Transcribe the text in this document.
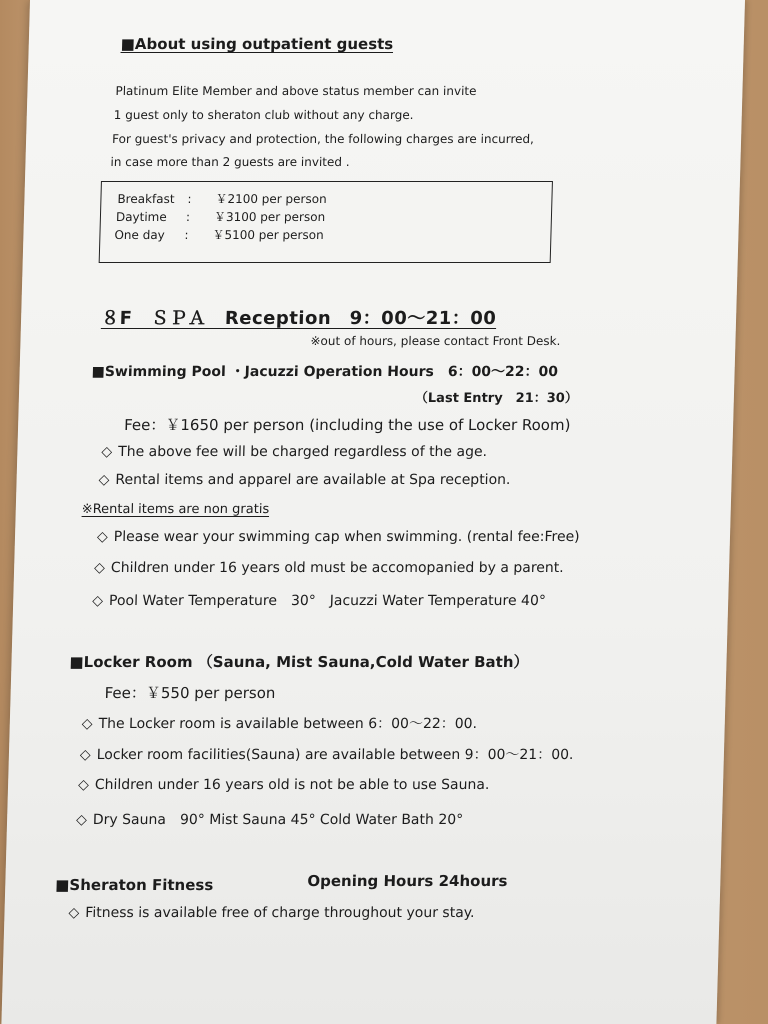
■About using outpatient guests
Platinum Elite Member and above status member can invite
1 guest only to sheraton club without any charge.
For guest's privacy and protection, the following charges are incurred,
in case more than 2 guests are invited .
Breakfast : ￥2100 per person
Daytime : ￥3100 per person
One day : ￥5100 per person
８F　ＳＰＡ　Reception　9：00～21：00
※out of hours, please contact Front Desk.
■Swimming Pool ・Jacuzzi Operation Hours　6：00～22：00
（Last Entry　21：30）
Fee：￥1650 per person (including the use of Locker Room)
◇ The above fee will be charged regardless of the age.
◇ Rental items and apparel are available at Spa reception.
※Rental items are non gratis
◇ Please wear your swimming cap when swimming. (rental fee:Free)
◇ Children under 16 years old must be accomopanied by a parent.
◇ Pool Water Temperature　30°　Jacuzzi Water Temperature 40°
■Locker Room （Sauna, Mist Sauna,Cold Water Bath）
Fee：￥550 per person
◇ The Locker room is available between 6：00～22：00.
◇ Locker room facilities(Sauna) are available between 9：00～21：00.
◇ Children under 16 years old is not be able to use Sauna.
◇ Dry Sauna　90° Mist Sauna 45° Cold Water Bath 20°
■Sheraton Fitness	Opening Hours 24hours
◇ Fitness is available free of charge throughout your stay.
